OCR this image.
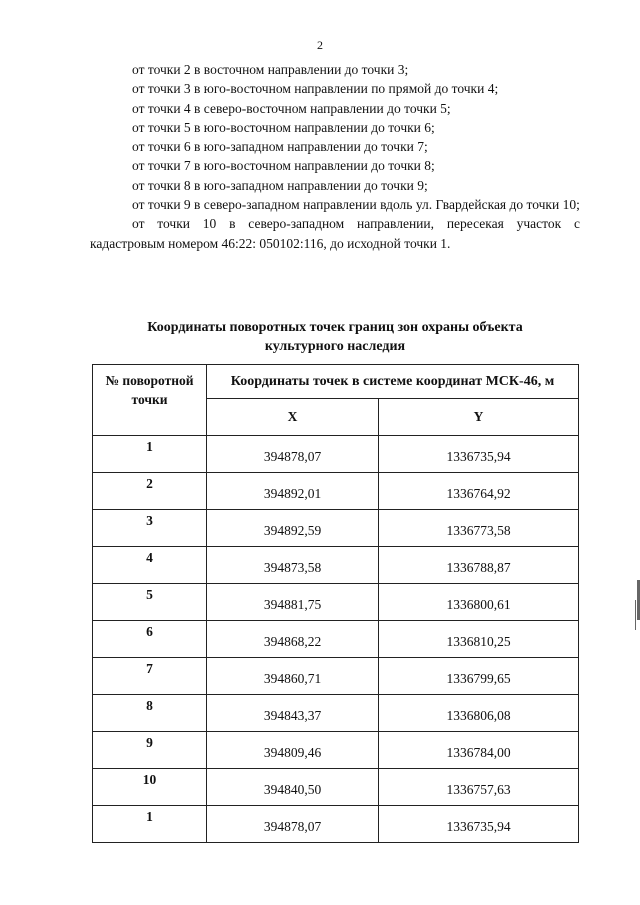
2
от точки 2 в восточном направлении до точки 3;
от точки 3 в юго-восточном направлении по прямой до точки 4;
от точки 4 в северо-восточном направлении до точки 5;
от точки 5 в юго-восточном направлении до точки 6;
от точки 6 в юго-западном направлении до точки 7;
от точки 7 в юго-восточном направлении до точки 8;
от точки 8 в юго-западном направлении до точки 9;
от точки 9 в северо-западном направлении вдоль ул. Гвардейская до точки 10;
от точки 10 в северо-западном направлении, пересекая участок с кадастровым номером 46:22: 050102:116, до исходной точки 1.
Координаты поворотных точек границ зон охраны объекта
культурного наследия
№ поворотной
точки	Координаты точек в системе координат МСК-46, м	
	X	Y
1	394878,07	1336735,94
2	394892,01	1336764,92
3	394892,59	1336773,58
4	394873,58	1336788,87
5	394881,75	1336800,61
6	394868,22	1336810,25
7	394860,71	1336799,65
8	394843,37	1336806,08
9	394809,46	1336784,00
10	394840,50	1336757,63
1	394878,07	1336735,94
